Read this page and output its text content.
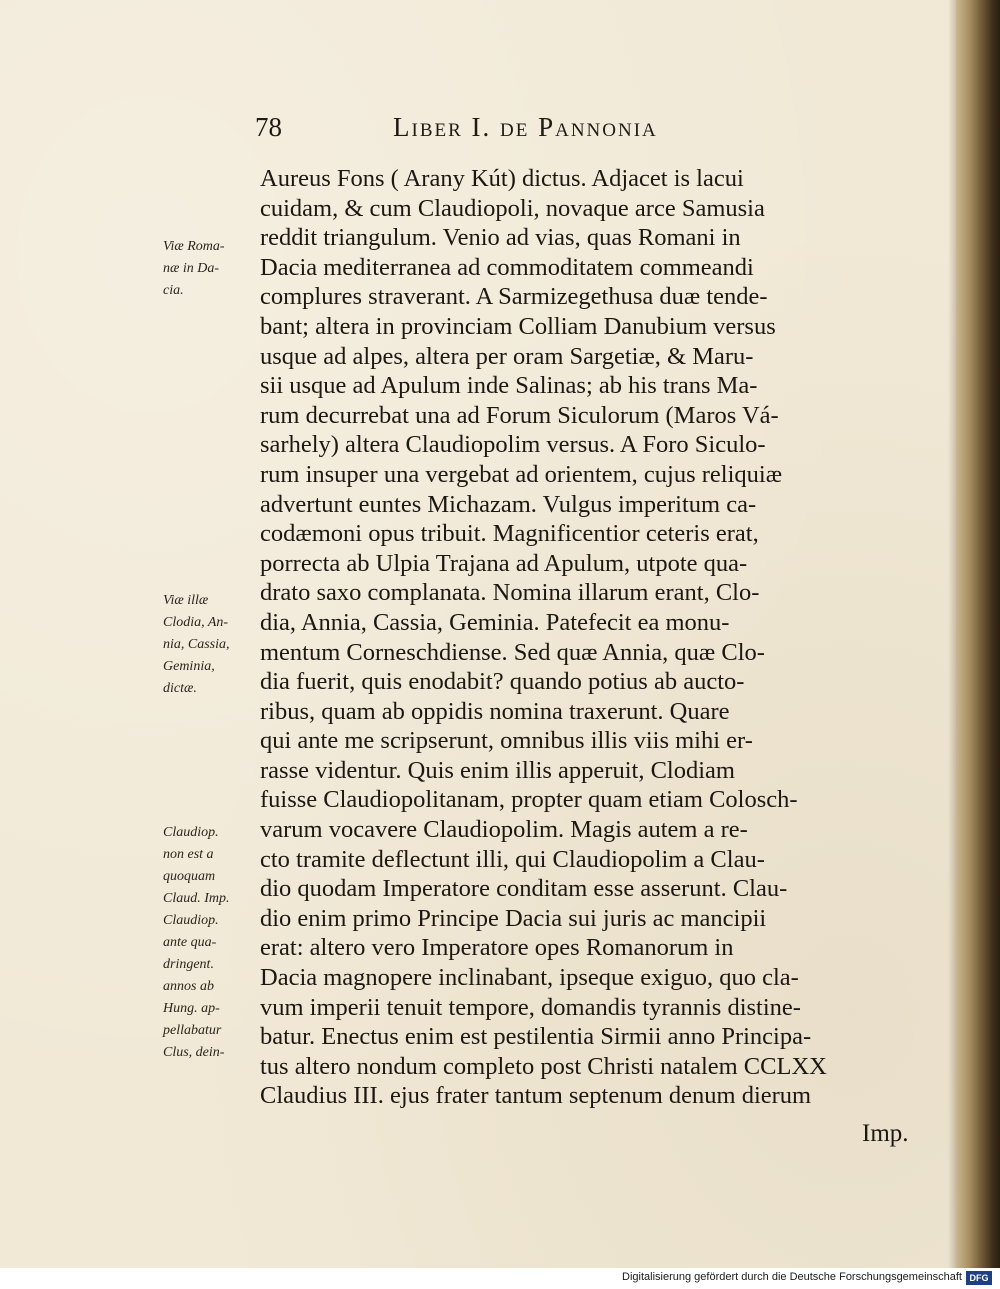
78	Liber I. de Pannonia
Viæ Roma-
næ in Da-
cia.
Viæ illæ
Clodia, An-
nia, Cassia,
Geminia,
dictæ.
Claudiop.
non est a
quoquam
Claud. Imp.
Claudiop.
ante qua-
dringent.
annos ab
Hung. ap-
pellabatur
Clus, dein-
Aureus Fons ( Arany Kút) dictus. Adjacet is lacui
cuidam, & cum Claudiopoli, novaque arce Samusia
reddit triangulum. Venio ad vias, quas Romani in
Dacia mediterranea ad commoditatem commeandi
complures straverant. A Sarmizegethusa duæ tende-
bant; altera in provinciam Colliam Danubium versus
usque ad alpes, altera per oram Sargetiæ, & Maru-
sii usque ad Apulum inde Salinas; ab his trans Ma-
rum decurrebat una ad Forum Siculorum (Maros Vá-
sarhely) altera Claudiopolim versus. A Foro Siculo-
rum insuper una vergebat ad orientem, cujus reliquiæ
advertunt euntes Michazam. Vulgus imperitum ca-
codæmoni opus tribuit. Magnificentior ceteris erat,
porrecta ab Ulpia Trajana ad Apulum, utpote qua-
drato saxo complanata. Nomina illarum erant, Clo-
dia, Annia, Cassia, Geminia. Patefecit ea monu-
mentum Corneschdiense. Sed quæ Annia, quæ Clo-
dia fuerit, quis enodabit? quando potius ab aucto-
ribus, quam ab oppidis nomina traxerunt. Quare
qui ante me scripserunt, omnibus illis viis mihi er-
rasse videntur. Quis enim illis apperuit, Clodiam
fuisse Claudiopolitanam, propter quam etiam Colosch-
varum vocavere Claudiopolim. Magis autem a re-
cto tramite deflectunt illi, qui Claudiopolim a Clau-
dio quodam Imperatore conditam esse asserunt. Clau-
dio enim primo Principe Dacia sui juris ac mancipii
erat: altero vero Imperatore opes Romanorum in
Dacia magnopere inclinabant, ipseque exiguo, quo cla-
vum imperii tenuit tempore, domandis tyrannis distine-
batur. Enectus enim est pestilentia Sirmii anno Principa-
tus altero nondum completo post Christi natalem CCLXX
Claudius III. ejus frater tantum septenum denum dierum
Imp.
Digitalisierung gefördert durch die Deutsche Forschungsgemeinschaft DFG
